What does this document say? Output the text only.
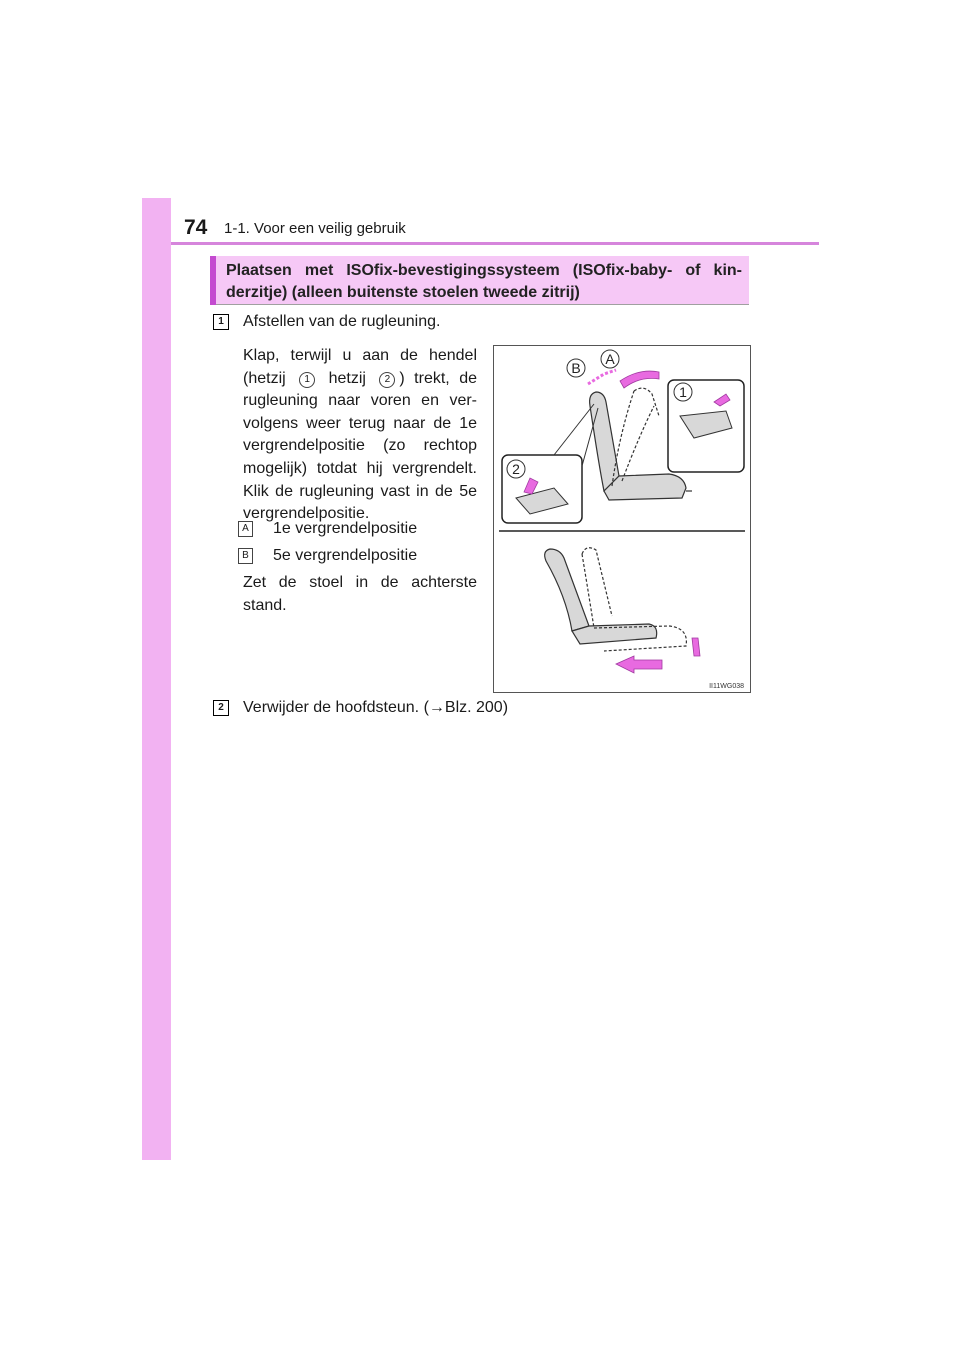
74 1-1. Voor een veilig gebruik
Plaatsen met ISOfix-bevestigingssysteem (ISOfix-baby- of kin-derzitje) (alleen buitenste stoelen tweede zitrij)
1	Afstellen van de rugleuning.
Klap, terwijl u aan de hendel (hetzij 1 hetzij 2 ) trekt, de rugleuning naar voren en ver-volgens weer terug naar de 1e vergrendelpositie (zo rechtop mogelijk) totdat hij vergrendelt. Klik de rugleuning vast in de 5e vergrendelpositie.
A 1e vergrendelpositie
B 5e vergrendelpositie
Zet de stoel in de achterste stand.
A
B
1
2
II11WG038
2	Verwijder de hoofdsteun. (→Blz. 200)
